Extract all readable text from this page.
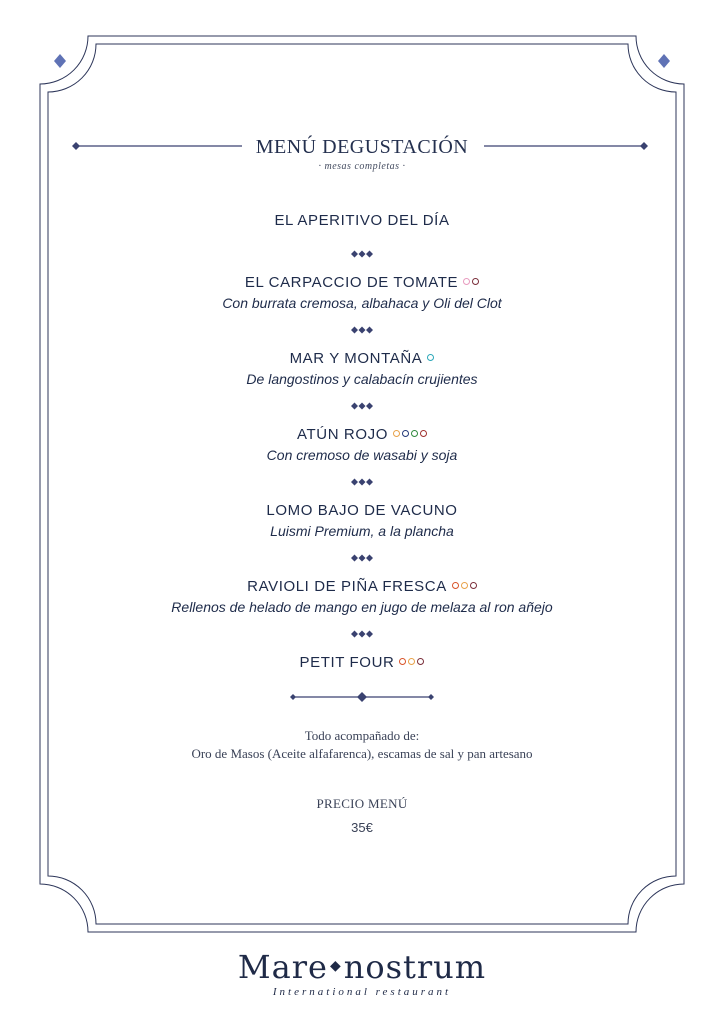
MENÚ DEGUSTACIÓN
· mesas completas ·
EL APERITIVO DEL DÍA
EL CARPACCIO DE TOMATE
Con burrata cremosa, albahaca y Oli del Clot
MAR Y MONTAÑA
De langostinos y calabacín crujientes
ATÚN ROJO
Con cremoso de wasabi y soja
LOMO BAJO DE VACUNO
Luismi Premium, a la plancha
RAVIOLI DE PIÑA FRESCA
Rellenos de helado de mango en jugo de melaza al ron añejo
PETIT FOUR
Todo acompañado de:
Oro de Masos (Aceite alfafarenca), escamas de sal y pan artesano
PRECIO MENÚ
35€
Mare ◆nostrum
International restaurant
